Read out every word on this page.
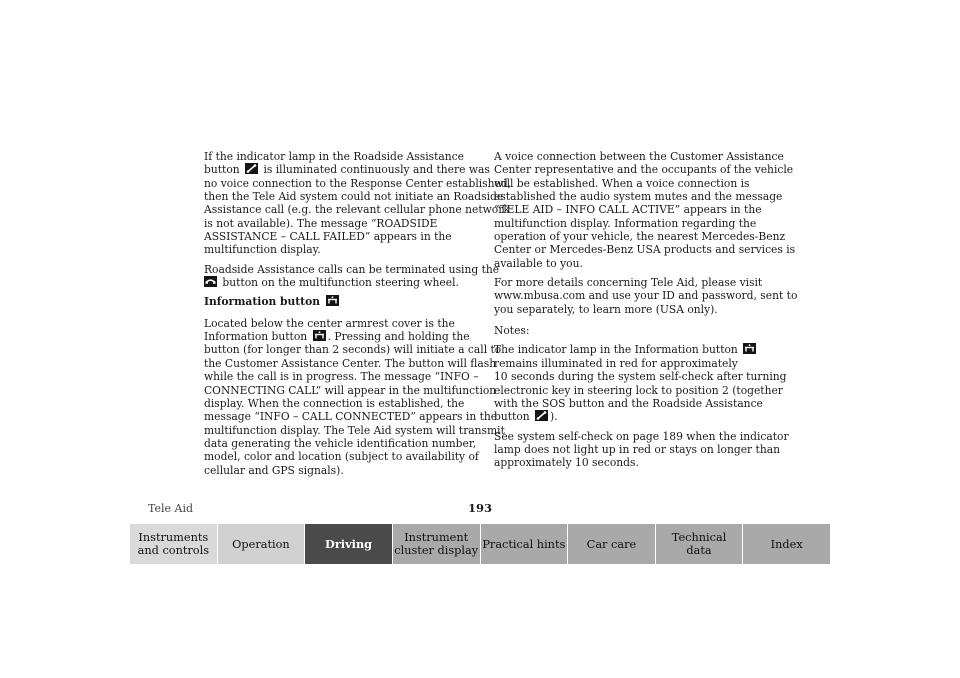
If the indicator lamp in the Roadside Assistance
button
is illuminated continuously and there was
no voice connection to the Response Center established,
then the Tele Aid system could not initiate an Roadside
Assistance call (e.g. the relevant cellular phone network
is not available). The message “ROADSIDE
ASSISTANCE – CALL FAILED” appears in the
multifunction display.

Roadside Assistance calls can be terminated using the
button on the multifunction steering wheel.

Information button

Located below the center armrest cover is the
Information button . Pressing and holding the
button (for longer than 2 seconds) will initiate a call to
the Customer Assistance Center. The button will flash
while the call is in progress. The message “INFO –
CONNECTING CALL” will appear in the multifunction
display. When the connection is established, the
message “INFO – CALL CONNECTED” appears in the
multifunction display. The Tele Aid system will transmit
data generating the vehicle identification number,
model, color and location (subject to availability of
cellular and GPS signals).

A voice connection between the Customer Assistance
Center representative and the occupants of the vehicle
will be established. When a voice connection is
established the audio system mutes and the message
“TELE AID – INFO CALL ACTIVE” appears in the
multifunction display. Information regarding the
operation of your vehicle, the nearest Mercedes-Benz
Center or Mercedes-Benz USA products and services is
available to you.

For more details concerning Tele Aid, please visit
www.mbusa.com and use your ID and password, sent to
you separately, to learn more (USA only).

Notes:

The indicator lamp in the Information button
remains illuminated in red for approximately
10 seconds during the system self-check after turning
electronic key in steering lock to position 2 (together
with the SOS button and the Roadside Assistance
button ).

See system self-check on page 189 when the indicator
lamp does not light up in red or stays on longer than
approximately 10 seconds.

Tele Aid	193
Instruments
and controls Operation	Driving	Instrument
cluster display Practical hints Car care	Technical
data	Index
